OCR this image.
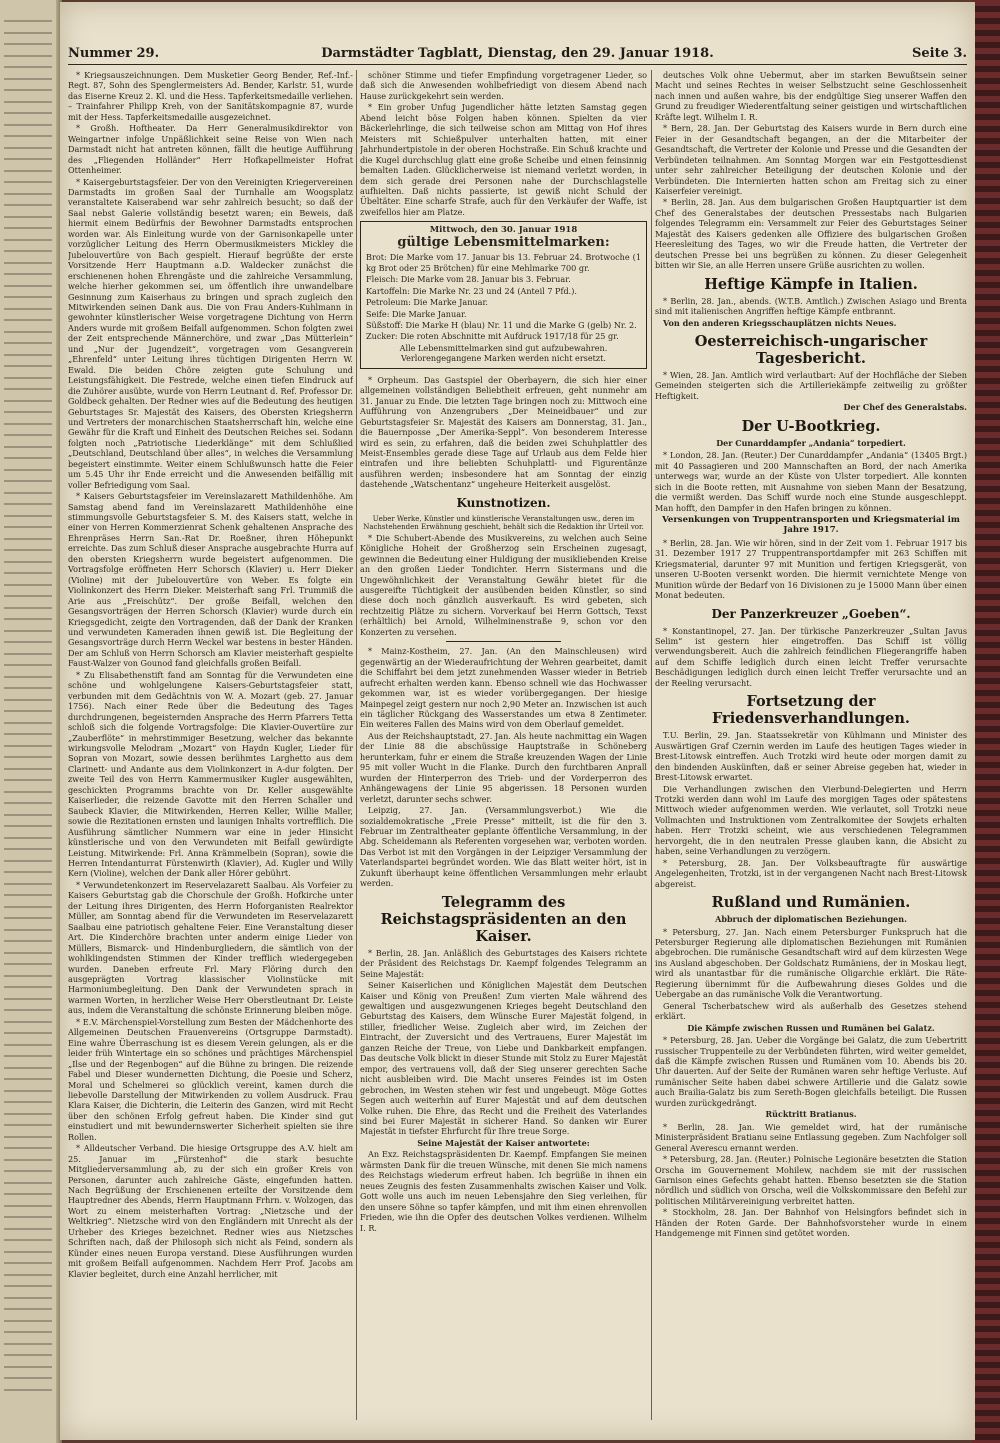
Nummer 29.	Darmstädter Tagblatt, Dienstag, den 29. Januar 1918.	Seite 3.

* Kriegsauszeichnungen. Dem Musketier Georg Bender, Ref.-Inf.-Regt. 87, Sohn des Spenglermeisters Ad. Bender, Karlstr. 51, wurde das Eiserne Kreuz 2. Kl. und die Hess. Tapferkeitsmedaille verliehen. – Trainfahrer Philipp Kreh, von der Sanitätskompagnie 87, wurde mit der Hess. Tapferkeitsmedaille ausgezeichnet.

* Großh. Hoftheater. Da Herr Generalmusikdirektor von Weingartner infolge Unpäßlichkeit seine Reise von Wien nach Darmstadt nicht hat antreten können, fällt die heutige Aufführung des „Fliegenden Holländer“ Herr Hofkapellmeister Hofrat Ottenheimer.

* Kaisergeburtstagsfeier. Der von den Vereinigten Kriegervereinen Darmstadts im großen Saal der Turnhalle am Woogsplatz veranstaltete Kaiserabend war sehr zahlreich besucht; so daß der Saal nebst Galerie vollständig besetzt waren; ein Beweis, daß hiermit einem Bedürfnis der Bewohner Darmstadts entsprochen worden war. Als Einleitung wurde von der Garnisonkapelle unter vorzüglicher Leitung des Herrn Obermusikmeisters Mickley die Jubelouvertüre von Bach gespielt. Hierauf begrüßte der erste Vorsitzende Herr Hauptmann a.D. Waldecker zunächst die erschienenen hohen Ehrengäste und die zahlreiche Versammlung, welche hierher gekommen sei, um öffentlich ihre unwandelbare Gesinnung zum Kaiserhaus zu bringen und sprach zugleich den Mitwirkenden seinen Dank aus. Die von Frau Anders-Kuhlmann in gewohnter künstlerischer Weise vorgetragene Dichtung von Herrn Anders wurde mit großem Beifall aufgenommen. Schon folgten zwei der Zeit entsprechende Männerchöre, und zwar „Das Mütterlein“ und „Nur der Jugendzeit“, vorgetragen vom Gesangverein „Ehrenfeld“ unter Leitung ihres tüchtigen Dirigenten Herrn W. Ewald. Die beiden Chöre zeigten gute Schulung und Leistungsfähigkeit. Die Festrede, welche einen tiefen Eindruck auf die Zuhörer ausübte, wurde von Herrn Leutnant d. Ref. Professor Dr. Goldbeck gehalten. Der Redner wies auf die Bedeutung des heutigen Geburtstages Sr. Majestät des Kaisers, des Obersten Kriegsherrn und Vertreters der monarchischen Staatsherrschaft hin, welche eine Gewähr für die Kraft und Einheit des Deutschen Reiches sei. Sodann folgten noch „Patriotische Liederklänge“ mit dem Schlußlied „Deutschland, Deutschland über alles“, in welches die Versammlung begeistert einstimmte. Weiter einem Schlußwunsch hatte die Feier um 5.45 Uhr ihr Ende erreicht und die Anwesenden beifällig mit voller Befriedigung vom Saal.

* Kaisers Geburtstagsfeier im Vereinslazarett Mathildenhöhe. Am Samstag abend fand im Vereinslazarett Mathildenhöhe eine stimmungsvolle Geburtstagsfeier S. M. des Kaisers statt, welche in einer von Herren Kommerzienrat Schenk gehaltenen Ansprache des Ehrenpräses Herrn San.-Rat Dr. Roeßner, ihren Höhepunkt erreichte. Das zum Schluß dieser Ansprache ausgebrachte Hurra auf den obersten Kriegsherrn wurde begeistert aufgenommen. Die Vortragsfolge eröffneten Herr Schorsch (Klavier) u. Herr Dieker (Violine) mit der Jubelouvertüre von Weber. Es folgte ein Violinkonzert des Herrn Dieker. Meisterhaft sang Frl. Trummiß die Arie aus „Freischütz“. Der große Beifall, welchen den Gesangsvorträgen der Herren Schorsch (Klavier) wurde durch ein Kriegsgedicht, zeigte den Vortragenden, daß der Dank der Kranken und verwundeten Kameraden ihnen gewiß ist. Die Begleitung der Gesangsvorträge durch Herrn Weckel war bestens in bester Händen. Der am Schluß von Herrn Schorsch am Klavier meisterhaft gespielte Faust-Walzer von Gounod fand gleichfalls großen Beifall.

* Zu Elisabethenstift fand am Sonntag für die Verwundeten eine schöne und wohlgelungene Kaisers-Geburtstagsfeier statt, verbunden mit dem Gedächtnis von W. A. Mozart (geb. 27. Januar 1756). Nach einer Rede über die Bedeutung des Tages durchdrungenen, begeisternden Ansprache des Herrn Pfarrers Tetta schloß sich die folgende Vortragsfolge: Die Klavier-Ouvertüre zur „Zauberflöte“ in mehrstimmiger Besetzung, welcher das bekannte wirkungsvolle Melodram „Mozart“ von Haydn Kugler, Lieder für Sopran von Mozart, sowie dessen berühmtes Larghetto aus dem Clarinett- und Andante aus dem Violinkonzert in A-dur folgten. Der zweite Teil des von Herrn Kammermusiker Kugler ausgewählten, geschickten Programms brachte von Dr. Keller ausgewählte Kaiserlieder, die reizende Gavotte mit den Herren Schaller und Saubeck Klavier, die Mitwirkenden, Herren Keller, Willie Maller, sowie die Rezitationen ernsten und launigen Inhalts vortrefflich. Die Ausführung sämtlicher Nummern war eine in jeder Hinsicht künstlerische und von den Verwundeten mit Beifall gewürdigte Leistung. Mitwirkende: Frl. Anna Krämmelbein (Sopran), sowie die Herren Intendanturrat Fürstenwirth (Klavier), Ad. Kugler und Willy Kern (Violine), welchen der Dank aller Hörer gebührt.

* Verwundetenkonzert im Reservelazarett Saalbau. Als Vorfeier zu Kaisers Geburtstag gab die Chorschule der Großh. Hofkirche unter der Leitung ihres Dirigenten, des Herrn Hoforganisten Realrektor Müller, am Sonntag abend für die Verwundeten im Reservelazarett Saalbau eine patriotisch gehaltene Feier. Eine Veranstaltung dieser Art. Die Kinderchöre brachten unter anderm einige Lieder von Müllers, Bismarck- und Hindenburgliedern, die sämtlich von der wohlklingendsten Stimmen der Kinder trefflich wiedergegeben wurden. Daneben erfreute Frl. Mary Flöring durch den ausgeprägten Vortrag klassischer Violinstücke mit Harmoniumbegleitung. Den Dank der Verwundeten sprach in warmen Worten, in herzlicher Weise Herr Oberstleutnant Dr. Leiste aus, indem die Veranstaltung die schönste Erinnerung bleiben möge.

* E.V. Märchenspiel-Vorstellung zum Besten der Mädchenhorte des Allgemeinen Deutschen Frauenvereins (Ortsgruppe Darmstadt). Eine wahre Überraschung ist es diesem Verein gelungen, als er die leider früh Wintertage ein so schönes und prächtiges Märchenspiel „Ilse und der Regenbogen“ auf die Bühne zu bringen. Die reizende Fabel und Dieser wundernetten Dichtung, die Poesie und Scherz, Moral und Schelmerei so glücklich vereint, kamen durch die liebevolle Darstellung der Mitwirkenden zu vollem Ausdruck. Frau Klara Kaiser, die Dichterin, die Leiterin des Ganzen, wird mit Recht über den schönen Erfolg gefreut haben. Die Kinder sind gut einstudiert und mit bewundernswerter Sicherheit spielten sie ihre Rollen.

* Alldeutscher Verband. Die hiesige Ortsgruppe des A.V. hielt am 25. Januar im „Fürstenhof“ die stark besuchte Mitgliederversammlung ab, zu der sich ein großer Kreis von Personen, darunter auch zahlreiche Gäste, eingefunden hatten. Nach Begrüßung der Erschienenen erteilte der Vorsitzende dem Hauptredner des Abends, Herrn Hauptmann Frhrn. v. Wolzogen, das Wort zu einem meisterhaften Vortrag: „Nietzsche und der Weltkrieg“. Nietzsche wird von den Engländern mit Unrecht als der Urheber des Krieges bezeichnet. Redner wies aus Nietzsches Schriften nach, daß der Philosoph sich nicht als Feind, sondern als Künder eines neuen Europa verstand. Diese Ausführungen wurden mit großem Beifall aufgenommen. Nachdem Herr Prof. Jacobs am Klavier begleitet, durch eine Anzahl herrlicher, mit

schöner Stimme und tiefer Empfindung vorgetragener Lieder, so daß sich die Anwesenden wohlbefriedigt von diesem Abend nach Hause zurückgekehrt sein werden.

* Ein grober Unfug Jugendlicher hätte letzten Samstag gegen Abend leicht böse Folgen haben können. Spielten da vier Bäckerlehrlinge, die sich teilweise schon am Mittag von Hof ihres Meisters mit Schießpulver unterhalten hatten, mit einer Jahrhundertpistole in der oberen Hochstraße. Ein Schuß krachte und die Kugel durchschlug glatt eine große Scheibe und einen feinsinnig bemalten Laden. Glücklicherweise ist niemand verletzt worden, in dem sich gerade drei Personen nahe der Durchschlagstelle aufhielten. Daß nichts passierte, ist gewiß nicht Schuld der Übeltäter. Eine scharfe Strafe, auch für den Verkäufer der Waffe, ist zweifellos hier am Platze.

Mittwoch, den 30. Januar 1918
gültige Lebensmittelmarken:

Brot: Die Marke vom 17. Januar bis 13. Februar 24. Brotwoche (1 kg Brot oder 25 Brötchen) für eine Mehlmarke 700 gr.

Fleisch: Die Marke vom 28. Januar bis 3. Februar.

Kartoffeln: Die Marke Nr. 23 und 24 (Anteil 7 Pfd.).

Petroleum: Die Marke Januar.

Seife: Die Marke Januar.

Süßstoff: Die Marke H (blau) Nr. 11 und die Marke G (gelb) Nr. 2.

Zucker: Die roten Abschnitte mit Aufdruck 1917/18 für 25 gr.

Alle Lebensmittelmarken sind gut aufzubewahren. Verlorengegangene Marken werden nicht ersetzt.

* Orpheum. Das Gastspiel der Oberbayern, die sich hier einer allgemeinen vollständigen Beliebtheit erfreuen, geht nunmehr am 31. Januar zu Ende. Die letzten Tage bringen noch zu: Mittwoch eine Aufführung von Anzengrubers „Der Meineidbauer“ und zur Geburtstagsfeier Sr. Majestät des Kaisers am Donnerstag, 31. Jan., die Bauernposse „Der Amerika-Seppl“. Von besonderem Interesse wird es sein, zu erfahren, daß die beiden zwei Schuhplattler des Meist-Ensembles gerade diese Tage auf Urlaub aus dem Felde hier eintrafen und ihre beliebten Schuhplattl- und Figurentänze ausführen werden; insbesondere hat am Sonntag der einzig dastehende „Watschentanz“ ungeheure Heiterkeit ausgelöst.

Kunstnotizen.

Ueber Werke, Künstler und künstlerische Veranstaltungen usw., deren im Nachstehenden Erwähnung geschieht, behält sich die Redaktion ihr Urteil vor.

* Die Schubert-Abende des Musikvereins, zu welchen auch Seine Königliche Hoheit der Großherzog sein Erscheinen zugesagt, gewinnen die Bedeutung einer Huldigung der musikliebenden Kreise an den großen Lieder Tondichter. Herrn Sistermans und die Ungewöhnlichkeit der Veranstaltung Gewähr bietet für die ausgereifte Tüchtigkeit der ausübenden beiden Künstler, so sind diese doch noch gänzlich ausverkauft. Es wird gebeten, sich rechtzeitig Plätze zu sichern. Vorverkauf bei Herrn Gottsch, Texst (erhältlich) bei Arnold, Wilhelminenstraße 9, schon vor den Konzerten zu versehen.

* Mainz-Kostheim, 27. Jan. (An den Mainschleusen) wird gegenwärtig an der Wiederaufrichtung der Wehren gearbeitet, damit die Schiffahrt bei dem jetzt zunehmenden Wasser wieder in Betrieb aufrecht erhalten werden kann. Ebenso schnell wie das Hochwasser gekommen war, ist es wieder vorübergegangen. Der hiesige Mainpegel zeigt gestern nur noch 2,90 Meter an. Inzwischen ist auch ein täglicher Rückgang des Wasserstandes um etwa 8 Zentimeter. Ein weiteres Fallen des Mains wird von dem Oberlauf gemeldet.

Aus der Reichshauptstadt, 27. Jan. Als heute nachmittag ein Wagen der Linie 88 die abschüssige Hauptstraße in Schöneberg herunterkam, fuhr er einem die Straße kreuzenden Wagen der Linie 95 mit voller Wucht in die Flanke. Durch den furchtbaren Anprall wurden der Hinterperron des Trieb- und der Vorderperron des Anhängewagens der Linie 95 abgerissen. 18 Personen wurden verletzt, darunter sechs schwer.

Leipzig, 27. Jan. (Versammlungsverbot.) Wie die sozialdemokratische „Freie Presse“ mitteilt, ist die für den 3. Februar im Zentraltheater geplante öffentliche Versammlung, in der Abg. Scheidemann als Referenten vorgesehen war, verboten worden. Das Verbot ist mit den Vorgängen in der Leipziger Versammlung der Vaterlandspartei begründet worden. Wie das Blatt weiter hört, ist in Zukunft überhaupt keine öffentlichen Versammlungen mehr erlaubt werden.

Telegramm des Reichstagspräsidenten an den Kaiser.

* Berlin, 28. Jan. Anläßlich des Geburtstages des Kaisers richtete der Präsident des Reichstags Dr. Kaempf folgendes Telegramm an Seine Majestät:

Seiner Kaiserlichen und Königlichen Majestät dem Deutschen Kaiser und König von Preußen! Zum vierten Male während des gewaltigen und ausgezwungenen Krieges begeht Deutschland den Geburtstag des Kaisers, dem Wünsche Eurer Majestät folgend, in stiller, friedlicher Weise. Zugleich aber wird, im Zeichen der Eintracht, der Zuversicht und des Vertrauens, Eurer Majestät im ganzen Reiche der Treue, von Liebe und Dankbarkeit empfangen. Das deutsche Volk blickt in dieser Stunde mit Stolz zu Eurer Majestät empor, des vertrauens voll, daß der Sieg unserer gerechten Sache nicht ausbleiben wird. Die Macht unseres Feindes ist im Osten gebrochen, im Westen stehen wir fest und ungebeugt. Möge Gottes Segen auch weiterhin auf Eurer Majestät und auf dem deutschen Volke ruhen. Die Ehre, das Recht und die Freiheit des Vaterlandes sind bei Eurer Majestät in sicherer Hand. So danken wir Eurer Majestät in tiefster Ehrfurcht für Ihre treue Sorge.

Seine Majestät der Kaiser antwortete:

An Exz. Reichstagspräsidenten Dr. Kaempf. Empfangen Sie meinen wärmsten Dank für die treuen Wünsche, mit denen Sie mich namens des Reichstags wiederum erfreut haben. Ich begrüße in ihnen ein neues Zeugnis des festen Zusammenhalts zwischen Kaiser und Volk. Gott wolle uns auch im neuen Lebensjahre den Sieg verleihen, für den unsere Söhne so tapfer kämpfen, und mit ihm einen ehrenvollen Frieden, wie ihn die Opfer des deutschen Volkes verdienen. Wilhelm I. R.

deutsches Volk ohne Uebermut, aber im starken Bewußtsein seiner Macht und seines Rechtes in weiser Selbstzucht seine Geschlossenheit nach innen und außen wahre, bis der endgültige Sieg unserer Waffen den Grund zu freudiger Wiederentfaltung seiner geistigen und wirtschaftlichen Kräfte legt. Wilhelm I. R.

* Bern, 28. Jan. Der Geburtstag des Kaisers wurde in Bern durch eine Feier in der Gesandtschaft begangen, an der die Mitarbeiter der Gesandtschaft, die Vertreter der Kolonie und Presse und die Gesandten der Verbündeten teilnahmen. Am Sonntag Morgen war ein Festgottesdienst unter sehr zahlreicher Beteiligung der deutschen Kolonie und der Verbündeten. Die Internierten hatten schon am Freitag sich zu einer Kaiserfeier vereinigt.

* Berlin, 28. Jan. Aus dem bulgarischen Großen Hauptquartier ist dem Chef des Generalstabes der deutschen Pressestabs nach Bulgarien folgendes Telegramm ein: Versammelt zur Feier des Geburtstages Seiner Majestät des Kaisers gedenken alle Offiziere des bulgarischen Großen Heeresleitung des Tages, wo wir die Freude hatten, die Vertreter der deutschen Presse bei uns begrüßen zu können. Zu dieser Gelegenheit bitten wir Sie, an alle Herren unsere Grüße ausrichten zu wollen.

Heftige Kämpfe in Italien.

* Berlin, 28. Jan., abends. (W.T.B. Amtlich.) Zwischen Asiago und Brenta sind mit italienischen Angriffen heftige Kämpfe entbrannt.

Von den anderen Kriegsschauplätzen nichts Neues.

Oesterreichisch-ungarischer Tagesbericht.

* Wien, 28. Jan. Amtlich wird verlautbart: Auf der Hochfläche der Sieben Gemeinden steigerten sich die Artilleriekämpfe zeitweilig zu größter Heftigkeit.

Der Chef des Generalstabs.

Der U-Bootkrieg.
Der Cunarddampfer „Andania“ torpediert.

* London, 28. Jan. (Reuter.) Der Cunarddampfer „Andania“ (13405 Brgt.) mit 40 Passagieren und 200 Mannschaften an Bord, der nach Amerika unterwegs war, wurde an der Küste von Ulster torpediert. Alle konnten sich in die Boote retten, mit Ausnahme von sieben Mann der Besatzung, die vermißt werden. Das Schiff wurde noch eine Stunde ausgeschleppt. Man hofft, den Dampfer in den Hafen bringen zu können.

Versenkungen von Truppentransporten und Kriegsmaterial im Jahre 1917.

* Berlin, 28. Jan. Wie wir hören, sind in der Zeit vom 1. Februar 1917 bis 31. Dezember 1917 27 Truppentransportdampfer mit 263 Schiffen mit Kriegsmaterial, darunter 97 mit Munition und fertigen Kriegsgerät, von unseren U-Booten versenkt worden. Die hiermit vernichtete Menge von Munition würde der Bedarf von 16 Divisionen zu je 15000 Mann über einen Monat bedeuten.

Der Panzerkreuzer „Goeben“.

* Konstantinopel, 27. Jan. Der türkische Panzerkreuzer „Sultan Javus Selim“ ist gestern hier eingetroffen. Das Schiff ist völlig verwendungsbereit. Auch die zahlreich feindlichen Fliegerangriffe haben auf dem Schiffe lediglich durch einen leicht Treffer verursachte Beschädigungen lediglich durch einen leicht Treffer verursachte und an der Reeling verursacht.

Fortsetzung der Friedensverhandlungen.

T.U. Berlin, 29. Jan. Staatssekretär von Kühlmann und Minister des Auswärtigen Graf Czernin werden im Laufe des heutigen Tages wieder in Brest-Litowsk eintreffen. Auch Trotzki wird heute oder morgen damit zu den bindenden Auskünften, daß er seiner Abreise gegeben hat, wieder in Brest-Litowsk erwartet.

Die Verhandlungen zwischen den Vierbund-Delegierten und Herrn Trotzki werden dann wohl im Laufe des morgigen Tages oder spätestens Mittwoch wieder aufgenommen werden. Wie verlautet, soll Trotzki neue Vollmachten und Instruktionen vom Zentralkomitee der Sowjets erhalten haben. Herr Trotzki scheint, wie aus verschiedenen Telegrammen hervorgeht, die in den neutralen Presse glauben kann, die Absicht zu haben, seine Verhandlungen zu verzögern.

* Petersburg, 28. Jan. Der Volksbeauftragte für auswärtige Angelegenheiten, Trotzki, ist in der vergangenen Nacht nach Brest-Litowsk abgereist.

Rußland und Rumänien.
Abbruch der diplomatischen Beziehungen.

* Petersburg, 27. Jan. Nach einem Petersburger Funkspruch hat die Petersburger Regierung alle diplomatischen Beziehungen mit Rumänien abgebrochen. Die rumänische Gesandtschaft wird auf dem kürzesten Wege ins Ausland abgeschoben. Der Goldschatz Rumäniens, der in Moskau liegt, wird als unantastbar für die rumänische Oligarchie erklärt. Die Räte-Regierung übernimmt für die Aufbewahrung dieses Goldes und die Uebergabe an das rumänische Volk die Verantwortung.

General Tscherbatschew wird als außerhalb des Gesetzes stehend erklärt.

Die Kämpfe zwischen Russen und Rumänen bei Galatz.

* Petersburg, 28. Jan. Ueber die Vorgänge bei Galatz, die zum Uebertritt russischer Truppenteile zu der Verbündeten führten, wird weiter gemeldet, daß die Kämpfe zwischen Russen und Rumänen vom 10. Abends bis 20. Uhr dauerten. Auf der Seite der Rumänen waren sehr heftige Verluste. Auf rumänischer Seite haben dabei schwere Artillerie und die Galatz sowie auch Brailia-Galatz bis zum Sereth-Bogen gleichfalls beteiligt. Die Russen wurden zurückgedrängt.

Rücktritt Bratianus.

* Berlin, 28. Jan. Wie gemeldet wird, hat der rumänische Ministerpräsident Bratianu seine Entlassung gegeben. Zum Nachfolger soll General Averescu ernannt werden.

* Petersburg, 28. Jan. (Reuter.) Polnische Legionäre besetzten die Station Orscha im Gouvernement Mohilew, nachdem sie mit der russischen Garnison eines Gefechts gehabt hatten. Ebenso besetzten sie die Station nördlich und südlich von Orscha, weil die Volkskommissare den Befehl zur politischen Militärvereinigung verbreitet hatten.

* Stockholm, 28. Jan. Der Bahnhof von Helsingfors befindet sich in Händen der Roten Garde. Der Bahnhofsvorsteher wurde in einem Handgemenge mit Finnen sind getötet worden.
